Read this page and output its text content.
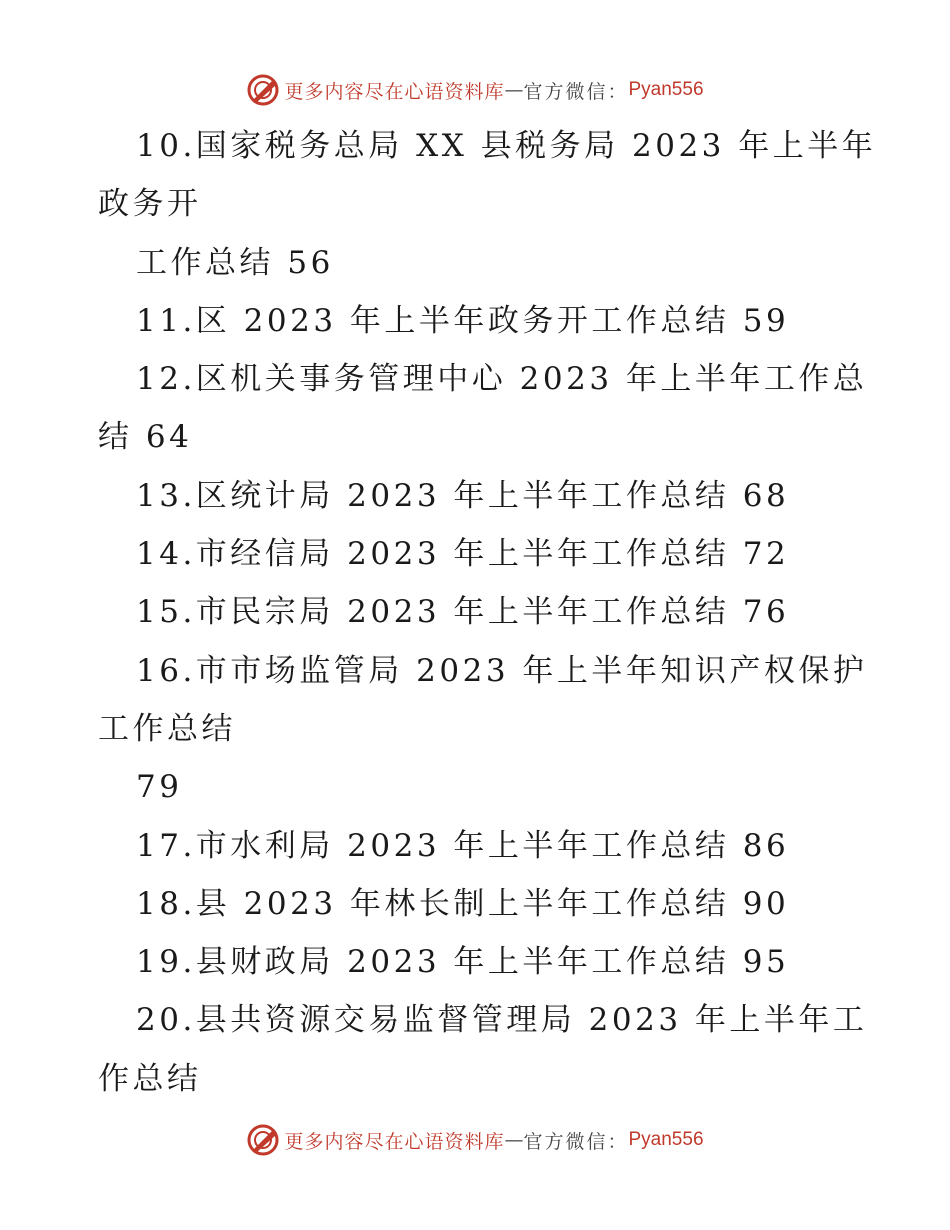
更多内容尽在心语资料库 — 官方微信： Pyan556
10.国家税务总局 XX 县税务局 2023 年上半年
政务开
工作总结 56
11.区 2023 年上半年政务开工作总结 59
12.区机关事务管理中心 2023 年上半年工作总
结 64
13.区统计局 2023 年上半年工作总结 68
14.市经信局 2023 年上半年工作总结 72
15.市民宗局 2023 年上半年工作总结 76
16.市市场监管局 2023 年上半年知识产权保护
工作总结
79
17.市水利局 2023 年上半年工作总结 86
18.县 2023 年林长制上半年工作总结 90
19.县财政局 2023 年上半年工作总结 95
20.县共资源交易监督管理局 2023 年上半年工
作总结
更多内容尽在心语资料库 — 官方微信： Pyan556
